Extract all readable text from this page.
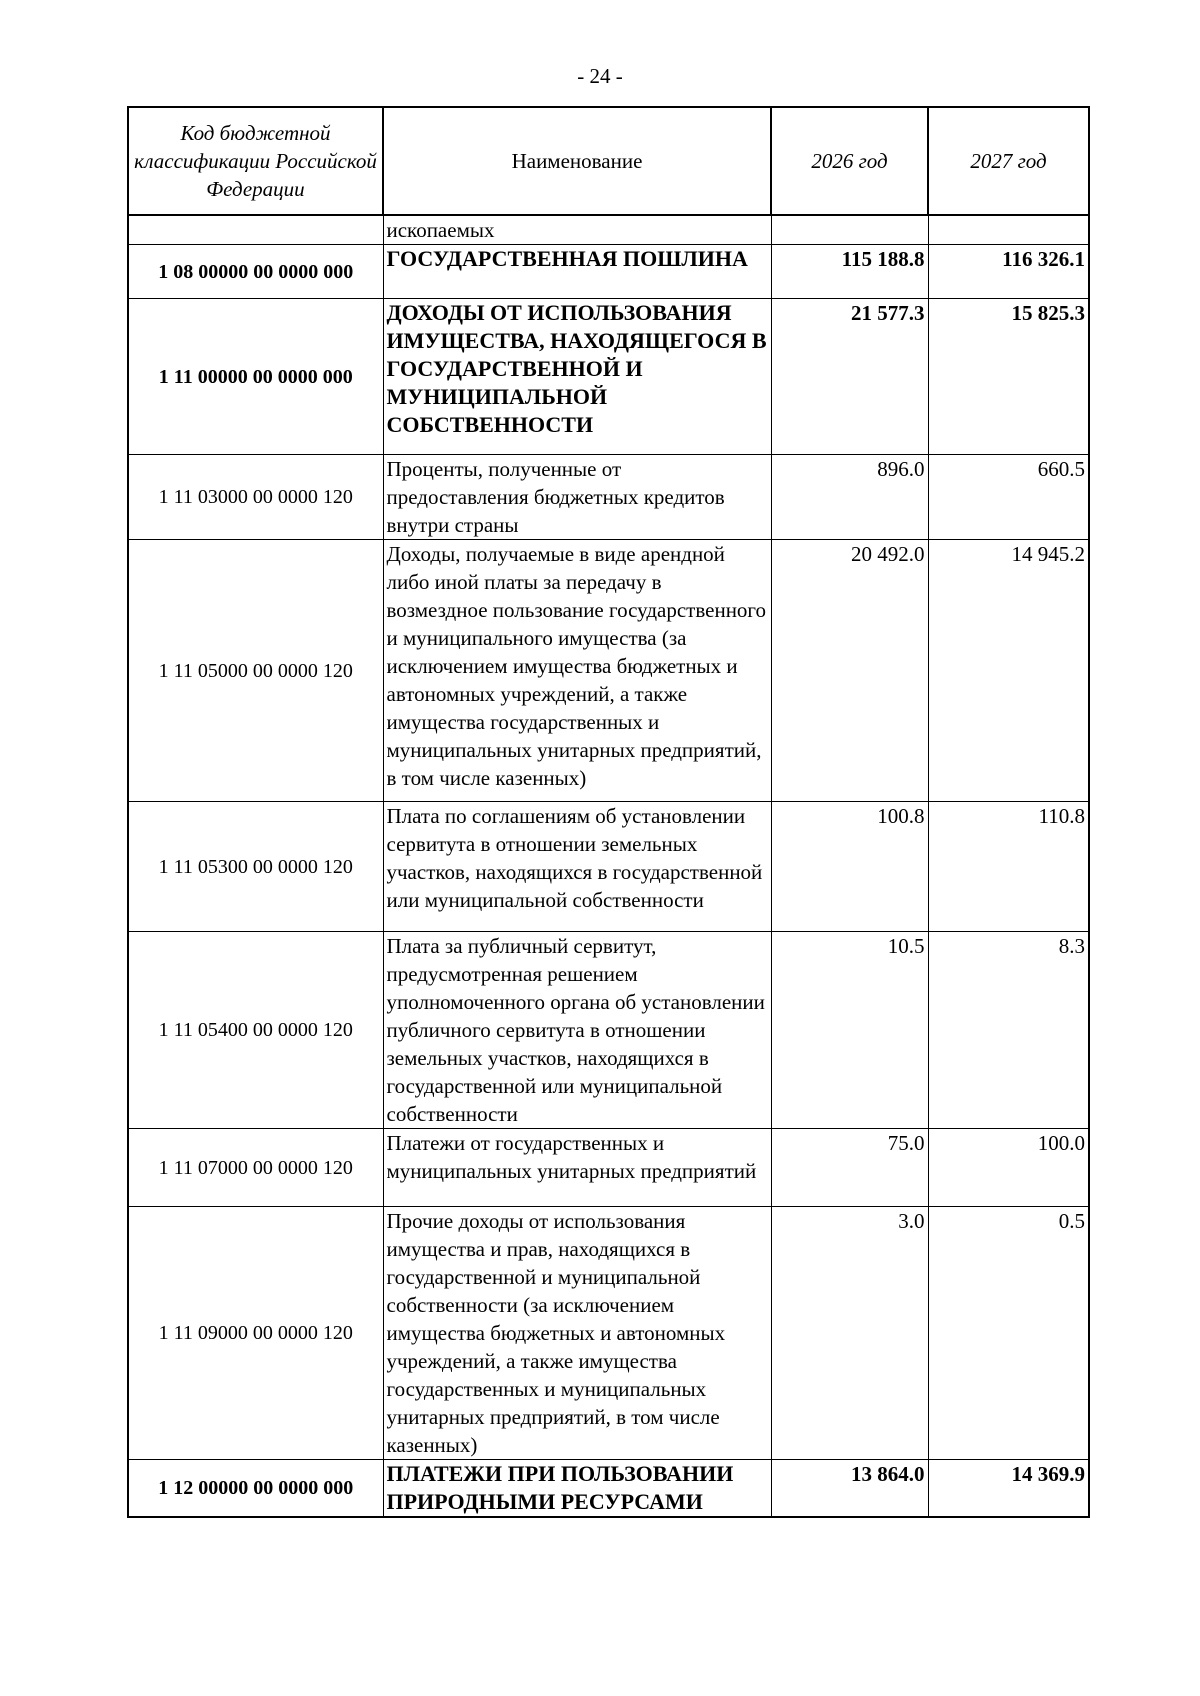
- 24 -
Код бюджетной классификации Российской Федерации	Наименование	2026 год	2027 год
	ископаемых		
1 08 00000 00 0000 000	ГОСУДАРСТВЕННАЯ ПОШЛИНА	115 188.8	116 326.1
1 11 00000 00 0000 000	ДОХОДЫ ОТ ИСПОЛЬЗОВАНИЯ ИМУЩЕСТВА, НАХОДЯЩЕГОСЯ В ГОСУДАРСТВЕННОЙ И МУНИЦИПАЛЬНОЙ СОБСТВЕННОСТИ	21 577.3	15 825.3
1 11 03000 00 0000 120	Проценты, полученные от предоставления бюджетных кредитов внутри страны	896.0	660.5
1 11 05000 00 0000 120	Доходы, получаемые в виде арендной либо иной платы за передачу в возмездное пользование государственного и муниципального имущества (за исключением имущества бюджетных и автономных учреждений, а также имущества государственных и муниципальных унитарных предприятий, в том числе казенных)	20 492.0	14 945.2
1 11 05300 00 0000 120	Плата по соглашениям об установлении сервитута в отношении земельных участков, находящихся в государственной или муниципальной собственности	100.8	110.8
1 11 05400 00 0000 120	Плата за публичный сервитут, предусмотренная решением уполномоченного органа об установлении публичного сервитута в отношении земельных участков, находящихся в государственной или муниципальной собственности	10.5	8.3
1 11 07000 00 0000 120	Платежи от государственных и муниципальных унитарных предприятий	75.0	100.0
1 11 09000 00 0000 120	Прочие доходы от использования имущества и прав, находящихся в государственной и муниципальной собственности (за исключением имущества бюджетных и автономных учреждений, а также имущества государственных и муниципальных унитарных предприятий, в том числе казенных)	3.0	0.5
1 12 00000 00 0000 000	ПЛАТЕЖИ ПРИ ПОЛЬЗОВАНИИ ПРИРОДНЫМИ РЕСУРСАМИ	13 864.0	14 369.9
